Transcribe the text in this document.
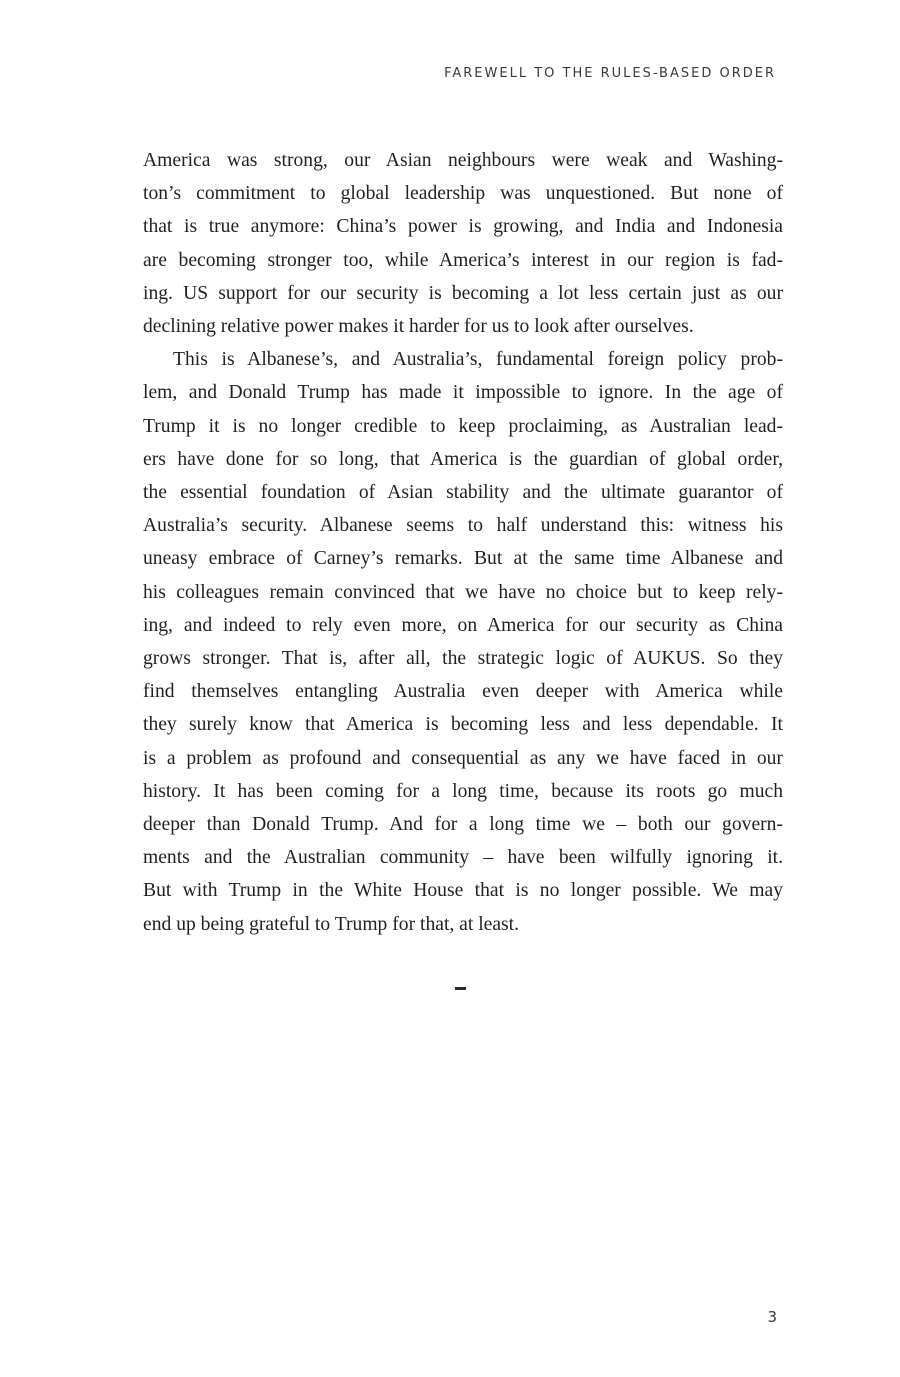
FAREWELL TO THE RULES-BASED ORDER
America was strong, our Asian neighbours were weak and Washing-
ton’s commitment to global leadership was unquestioned. But none of
that is true anymore: China’s power is growing, and India and Indonesia
are becoming stronger too, while America’s interest in our region is fad-
ing. US support for our security is becoming a lot less certain just as our
declining relative power makes it harder for us to look after ourselves.
This is Albanese’s, and Australia’s, fundamental foreign policy prob-
lem, and Donald Trump has made it impossible to ignore. In the age of
Trump it is no longer credible to keep proclaiming, as Australian lead-
ers have done for so long, that America is the guardian of global order,
the essential foundation of Asian stability and the ultimate guarantor of
Australia’s security. Albanese seems to half understand this: witness his
uneasy embrace of Carney’s remarks. But at the same time Albanese and
his colleagues remain convinced that we have no choice but to keep rely-
ing, and indeed to rely even more, on America for our security as China
grows stronger. That is, after all, the strategic logic of AUKUS. So they
find themselves entangling Australia even deeper with America while
they surely know that America is becoming less and less dependable. It
is a problem as profound and consequential as any we have faced in our
history. It has been coming for a long time, because its roots go much
deeper than Donald Trump. And for a long time we – both our govern-
ments and the Australian community – have been wilfully ignoring it.
But with Trump in the White House that is no longer possible. We may
end up being grateful to Trump for that, at least.
3
